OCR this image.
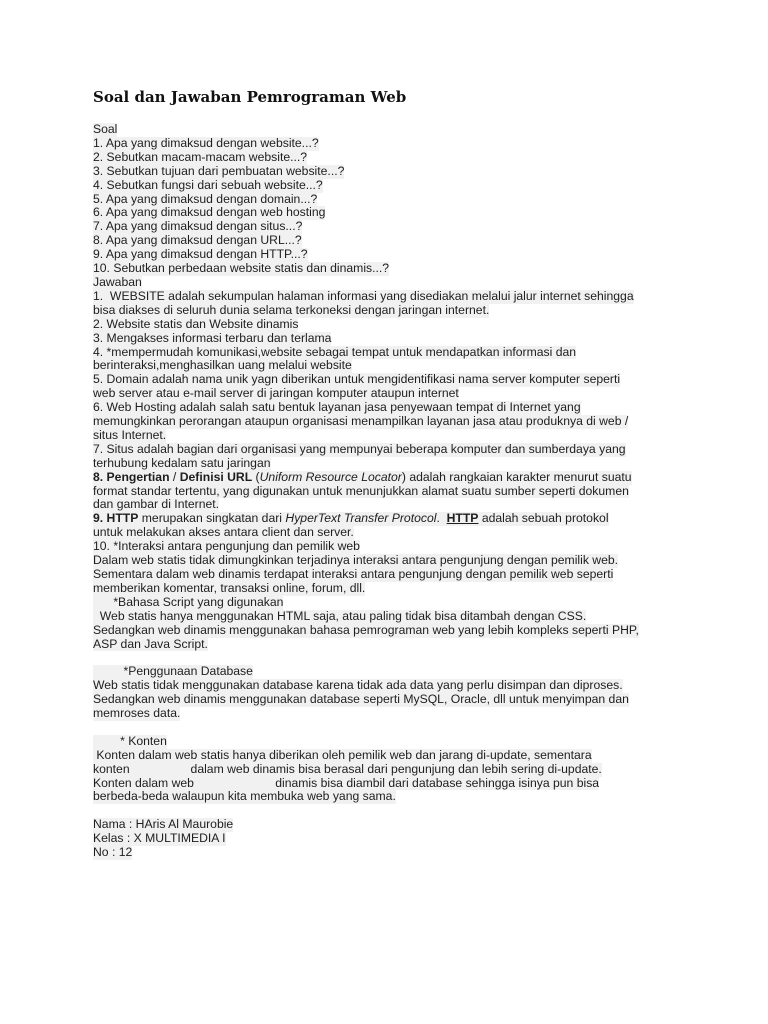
Soal dan Jawaban Pemrograman Web
Soal
1. Apa yang dimaksud dengan website...?
2. Sebutkan macam-macam website...?
3. Sebutkan tujuan dari pembuatan website...?
4. Sebutkan fungsi dari sebuah website...?
5. Apa yang dimaksud dengan domain...?
6. Apa yang dimaksud dengan web hosting
7. Apa yang dimaksud dengan situs...?
8. Apa yang dimaksud dengan URL...?
9. Apa yang dimaksud dengan HTTP...?
10. Sebutkan perbedaan website statis dan dinamis...?
Jawaban
1.  WEBSITE adalah sekumpulan halaman informasi yang disediakan melalui jalur internet sehingga
bisa diakses di seluruh dunia selama terkoneksi dengan jaringan internet.
2. Website statis dan Website dinamis
3. Mengakses informasi terbaru dan terlama
4. *mempermudah komunikasi,website sebagai tempat untuk mendapatkan informasi dan
berinteraksi,menghasilkan uang melalui website
5. Domain adalah nama unik yagn diberikan untuk mengidentifikasi nama server komputer seperti
web server atau e-mail server di jaringan komputer ataupun internet
6. Web Hosting adalah salah satu bentuk layanan jasa penyewaan tempat di Internet yang
memungkinkan perorangan ataupun organisasi menampilkan layanan jasa atau produknya di web /
situs Internet.
7. Situs adalah bagian dari organisasi yang mempunyai beberapa komputer dan sumberdaya yang
terhubung kedalam satu jaringan
8. Pengertian / Definisi URL (Uniform Resource Locator) adalah rangkaian karakter menurut suatu
format standar tertentu, yang digunakan untuk menunjukkan alamat suatu sumber seperti dokumen
dan gambar di Internet.
9. HTTP merupakan singkatan dari HyperText Transfer Protocol.  HTTP adalah sebuah protokol
untuk melakukan akses antara client dan server.
10. *Interaksi antara pengunjung dan pemilik web
Dalam web statis tidak dimungkinkan terjadinya interaksi antara pengunjung dengan pemilik web.
Sementara dalam web dinamis terdapat interaksi antara pengunjung dengan pemilik web seperti
memberikan komentar, transaksi online, forum, dll.
*Bahasa Script yang digunakan
Web statis hanya menggunakan HTML saja, atau paling tidak bisa ditambah dengan CSS.
Sedangkan web dinamis menggunakan bahasa pemrograman web yang lebih kompleks seperti PHP,
ASP dan Java Script.
*Penggunaan Database
Web statis tidak menggunakan database karena tidak ada data yang perlu disimpan dan diproses.
Sedangkan web dinamis menggunakan database seperti MySQL, Oracle, dll untuk menyimpan dan
memroses data.
* Konten
Konten dalam web statis hanya diberikan oleh pemilik web dan jarang di-update, sementara
konten                  dalam web dinamis bisa berasal dari pengunjung dan lebih sering di-update.
Konten dalam web                        dinamis bisa diambil dari database sehingga isinya pun bisa
berbeda-beda walaupun kita membuka web yang sama.
Nama : HAris Al Maurobie
Kelas : X MULTIMEDIA I
No : 12
